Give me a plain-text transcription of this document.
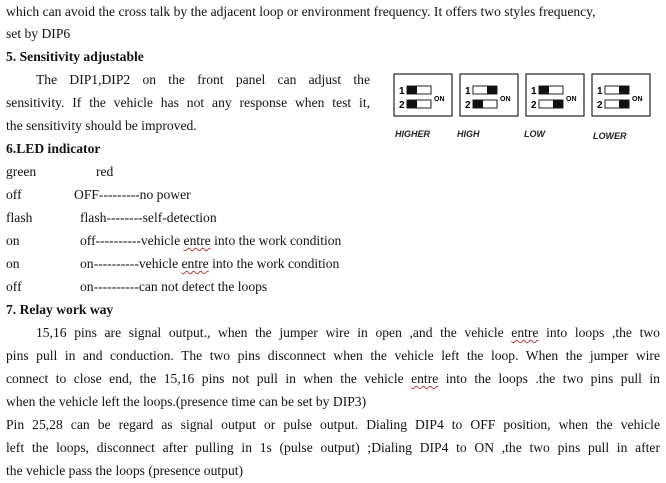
which can avoid the cross talk by the adjacent loop or environment frequency. It offers two styles frequency,
set by DIP6
5. Sensitivity adjustable
The DIP1,DIP2 on the front panel can adjust the
sensitivity. If the vehicle has not any response when test it,
the sensitivity should be improved.
1
2
ON
1
2
ON
1
2
ON
1
2
ON
HIGHER	HIGH	LOW	LOWER
6.LED indicator
green	red
off	OFF---------no power
flash	flash--------self-detection
on	off----------vehicle entre into the work condition
on	on----------vehicle entre into the work condition
off	on----------can not detect the loops
7. Relay work way
15,16 pins are signal output., when the jumper wire in open ,and the vehicle entre into loops ,the two
pins pull in and conduction. The two pins disconnect when the vehicle left the loop. When the jumper wire
connect to close end, the 15,16 pins not pull in when the vehicle entre into the loops .the two pins pull in
when the vehicle left the loops.(presence time can be set by DIP3)
Pin 25,28 can be regard as signal output or pulse output. Dialing DIP4 to OFF position, when the vehicle
left the loops, disconnect after pulling in 1s (pulse output) ;Dialing DIP4 to ON ,the two pins pull in after
the vehicle pass the loops (presence output)
